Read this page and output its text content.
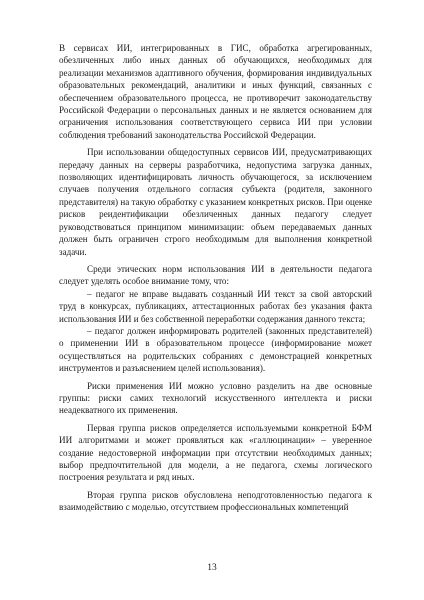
В сервисах ИИ, интегрированных в ГИС, обработка агрегированных, обезличенных либо иных данных об обучающихся, необходимых для реализации механизмов адаптивного обучения, формирования индивидуальных образовательных рекомендаций, аналитики и иных функций, связанных с обеспечением образовательного процесса, не противоречит законодательству Российской Федерации о персональных данных и не является основанием для ограничения использования соответствующего сервиса ИИ при условии соблюдения требований законодательства Российской Федерации.

При использовании общедоступных сервисов ИИ, предусматривающих передачу данных на серверы разработчика, недопустима загрузка данных, позволяющих идентифицировать личность обучающегося, за исключением случаев получения отдельного согласия субъекта (родителя, законного представителя) на такую обработку с указанием конкретных рисков. При оценке рисков реидентификации обезличенных данных педагогу следует руководствоваться принципом минимизации: объем передаваемых данных должен быть ограничен строго необходимым для выполнения конкретной задачи.

Среди этических норм использования ИИ в деятельности педагога следует уделять особое внимание тому, что:

– педагог не вправе выдавать созданный ИИ текст за свой авторский труд в конкурсах, публикациях, аттестационных работах без указания факта использования ИИ и без собственной переработки содержания данного текста;

– педагог должен информировать родителей (законных представителей) о применении ИИ в образовательном процессе (информирование может осуществляться на родительских собраниях с демонстрацией конкретных инструментов и разъяснением целей использования).

Риски применения ИИ можно условно разделить на две основные группы: риски самих технологий искусственного интеллекта и риски неадекватного их применения.

Первая группа рисков определяется используемыми конкретной БФМ ИИ алгоритмами и может проявляться как «галлюцинации» – уверенное создание недостоверной информации при отсутствии необходимых данных; выбор предпочтительной для модели, а не педагога, схемы логического построения результата и ряд иных.

Вторая группа рисков обусловлена неподготовленностью педагога к взаимодействию с моделью, отсутствием профессиональных компетенций

13
